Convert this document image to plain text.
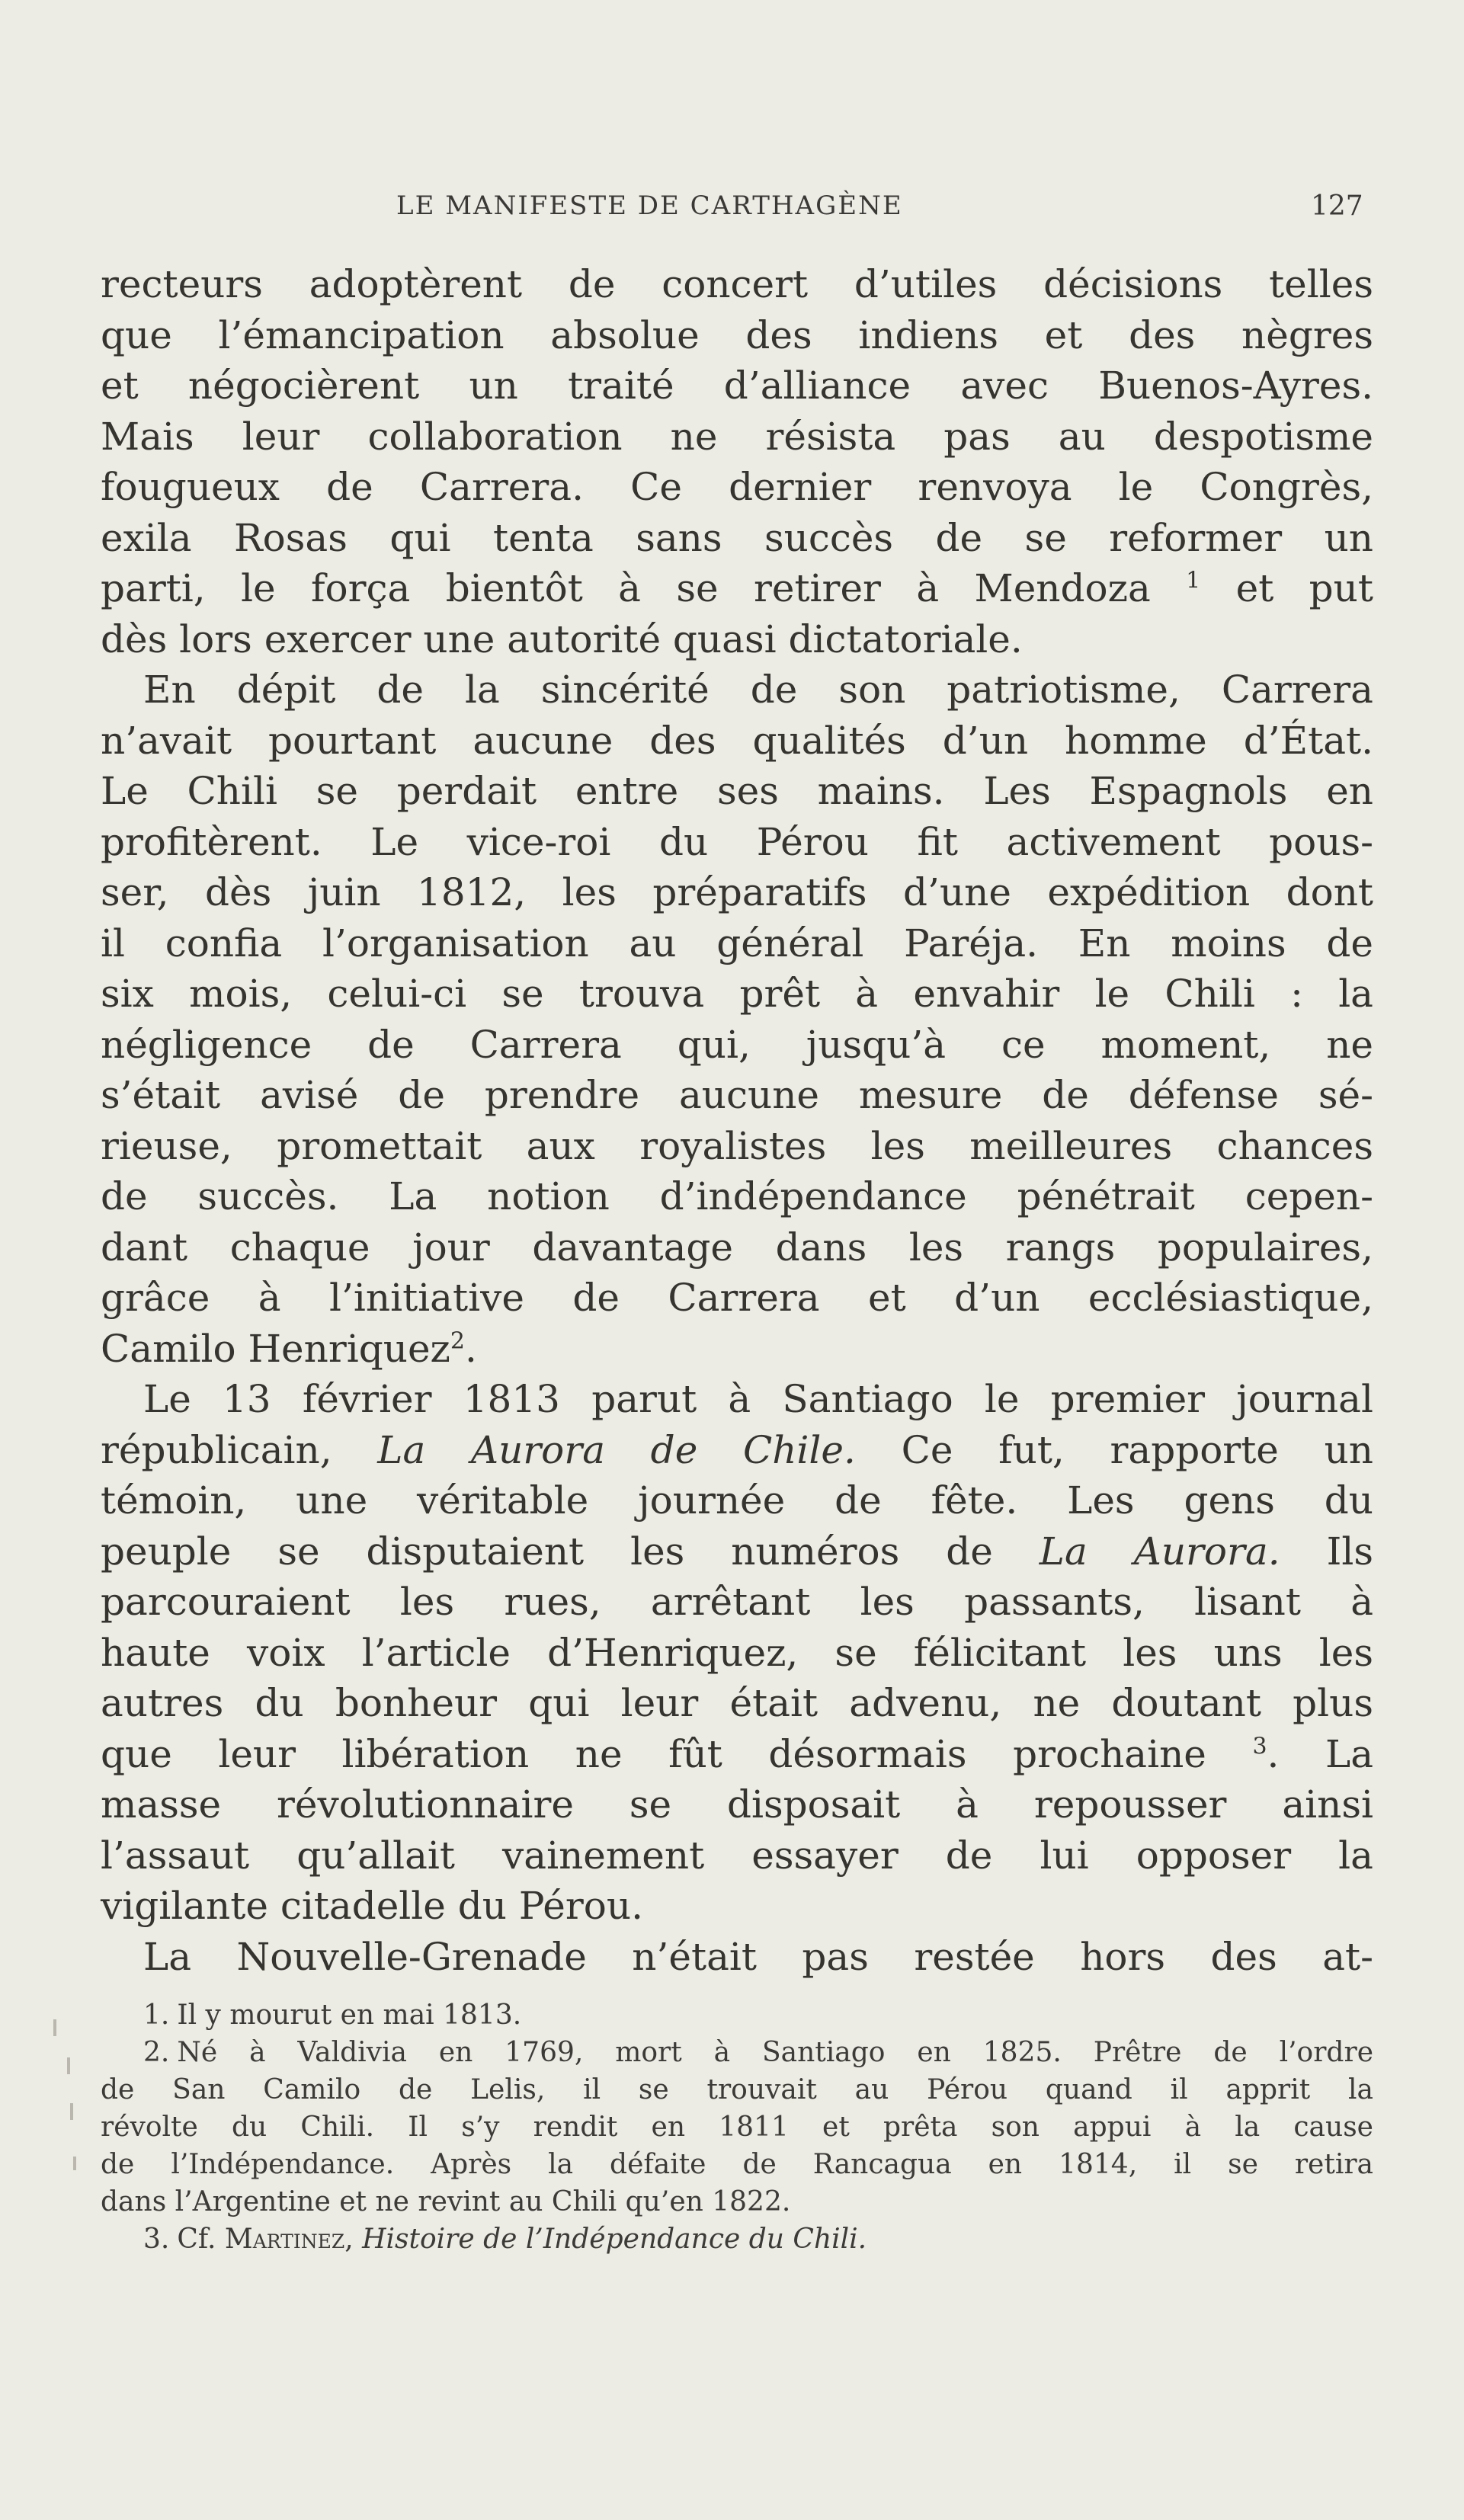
LE MANIFESTE DE CARTHAGÈNE	127
recteurs adoptèrent de concert d’utiles décisions telles
que l’émancipation absolue des indiens et des nègres
et négocièrent un traité d’alliance avec Buenos-Ayres.
Mais leur collaboration ne résista pas au despotisme
fougueux de Carrera. Ce dernier renvoya le Congrès,
exila Rosas qui tenta sans succès de se reformer un
parti, le força bientôt à se retirer à Mendoza $^1$ et put
dès lors exercer une autorité quasi dictatoriale.
En dépit de la sincérité de son patriotisme, Carrera
n’avait pourtant aucune des qualités d’un homme d’État.
Le Chili se perdait entre ses mains. Les Espagnols en
profitèrent. Le vice-roi du Pérou fit activement pous-
ser, dès juin 1812, les préparatifs d’une expédition dont
il confia l’organisation au général Paréja. En moins de
six mois, celui-ci se trouva prêt à envahir le Chili : la
négligence de Carrera qui, jusqu’à ce moment, ne
s’était avisé de prendre aucune mesure de défense sé-
rieuse, promettait aux royalistes les meilleures chances
de succès. La notion d’indépendance pénétrait cepen-
dant chaque jour davantage dans les rangs populaires,
grâce à l’initiative de Carrera et d’un ecclésiastique,
Camilo Henriquez$^2$.
Le 13 février 1813 parut à Santiago le premier journal
républicain, La Aurora de Chile. Ce fut, rapporte un
témoin, une véritable journée de fête. Les gens du
peuple se disputaient les numéros de La Aurora. Ils
parcouraient les rues, arrêtant les passants, lisant à
haute voix l’article d’Henriquez, se félicitant les uns les
autres du bonheur qui leur était advenu, ne doutant plus
que leur libération ne fût désormais prochaine $^3$. La
masse révolutionnaire se disposait à repousser ainsi
l’assaut qu’allait vainement essayer de lui opposer la
vigilante citadelle du Pérou.
La Nouvelle-Grenade n’était pas restée hors des at-
1. Il y mourut en mai 1813.
2. Né à Valdivia en 1769, mort à Santiago en 1825. Prêtre de l’ordre
de San Camilo de Lelis, il se trouvait au Pérou quand il apprit la
révolte du Chili. Il s’y rendit en 1811 et prêta son appui à la cause
de l’Indépendance. Après la défaite de Rancagua en 1814, il se retira
dans l’Argentine et ne revint au Chili qu’en 1822.
3. Cf. Martinez, Histoire de l’Indépendance du Chili.
